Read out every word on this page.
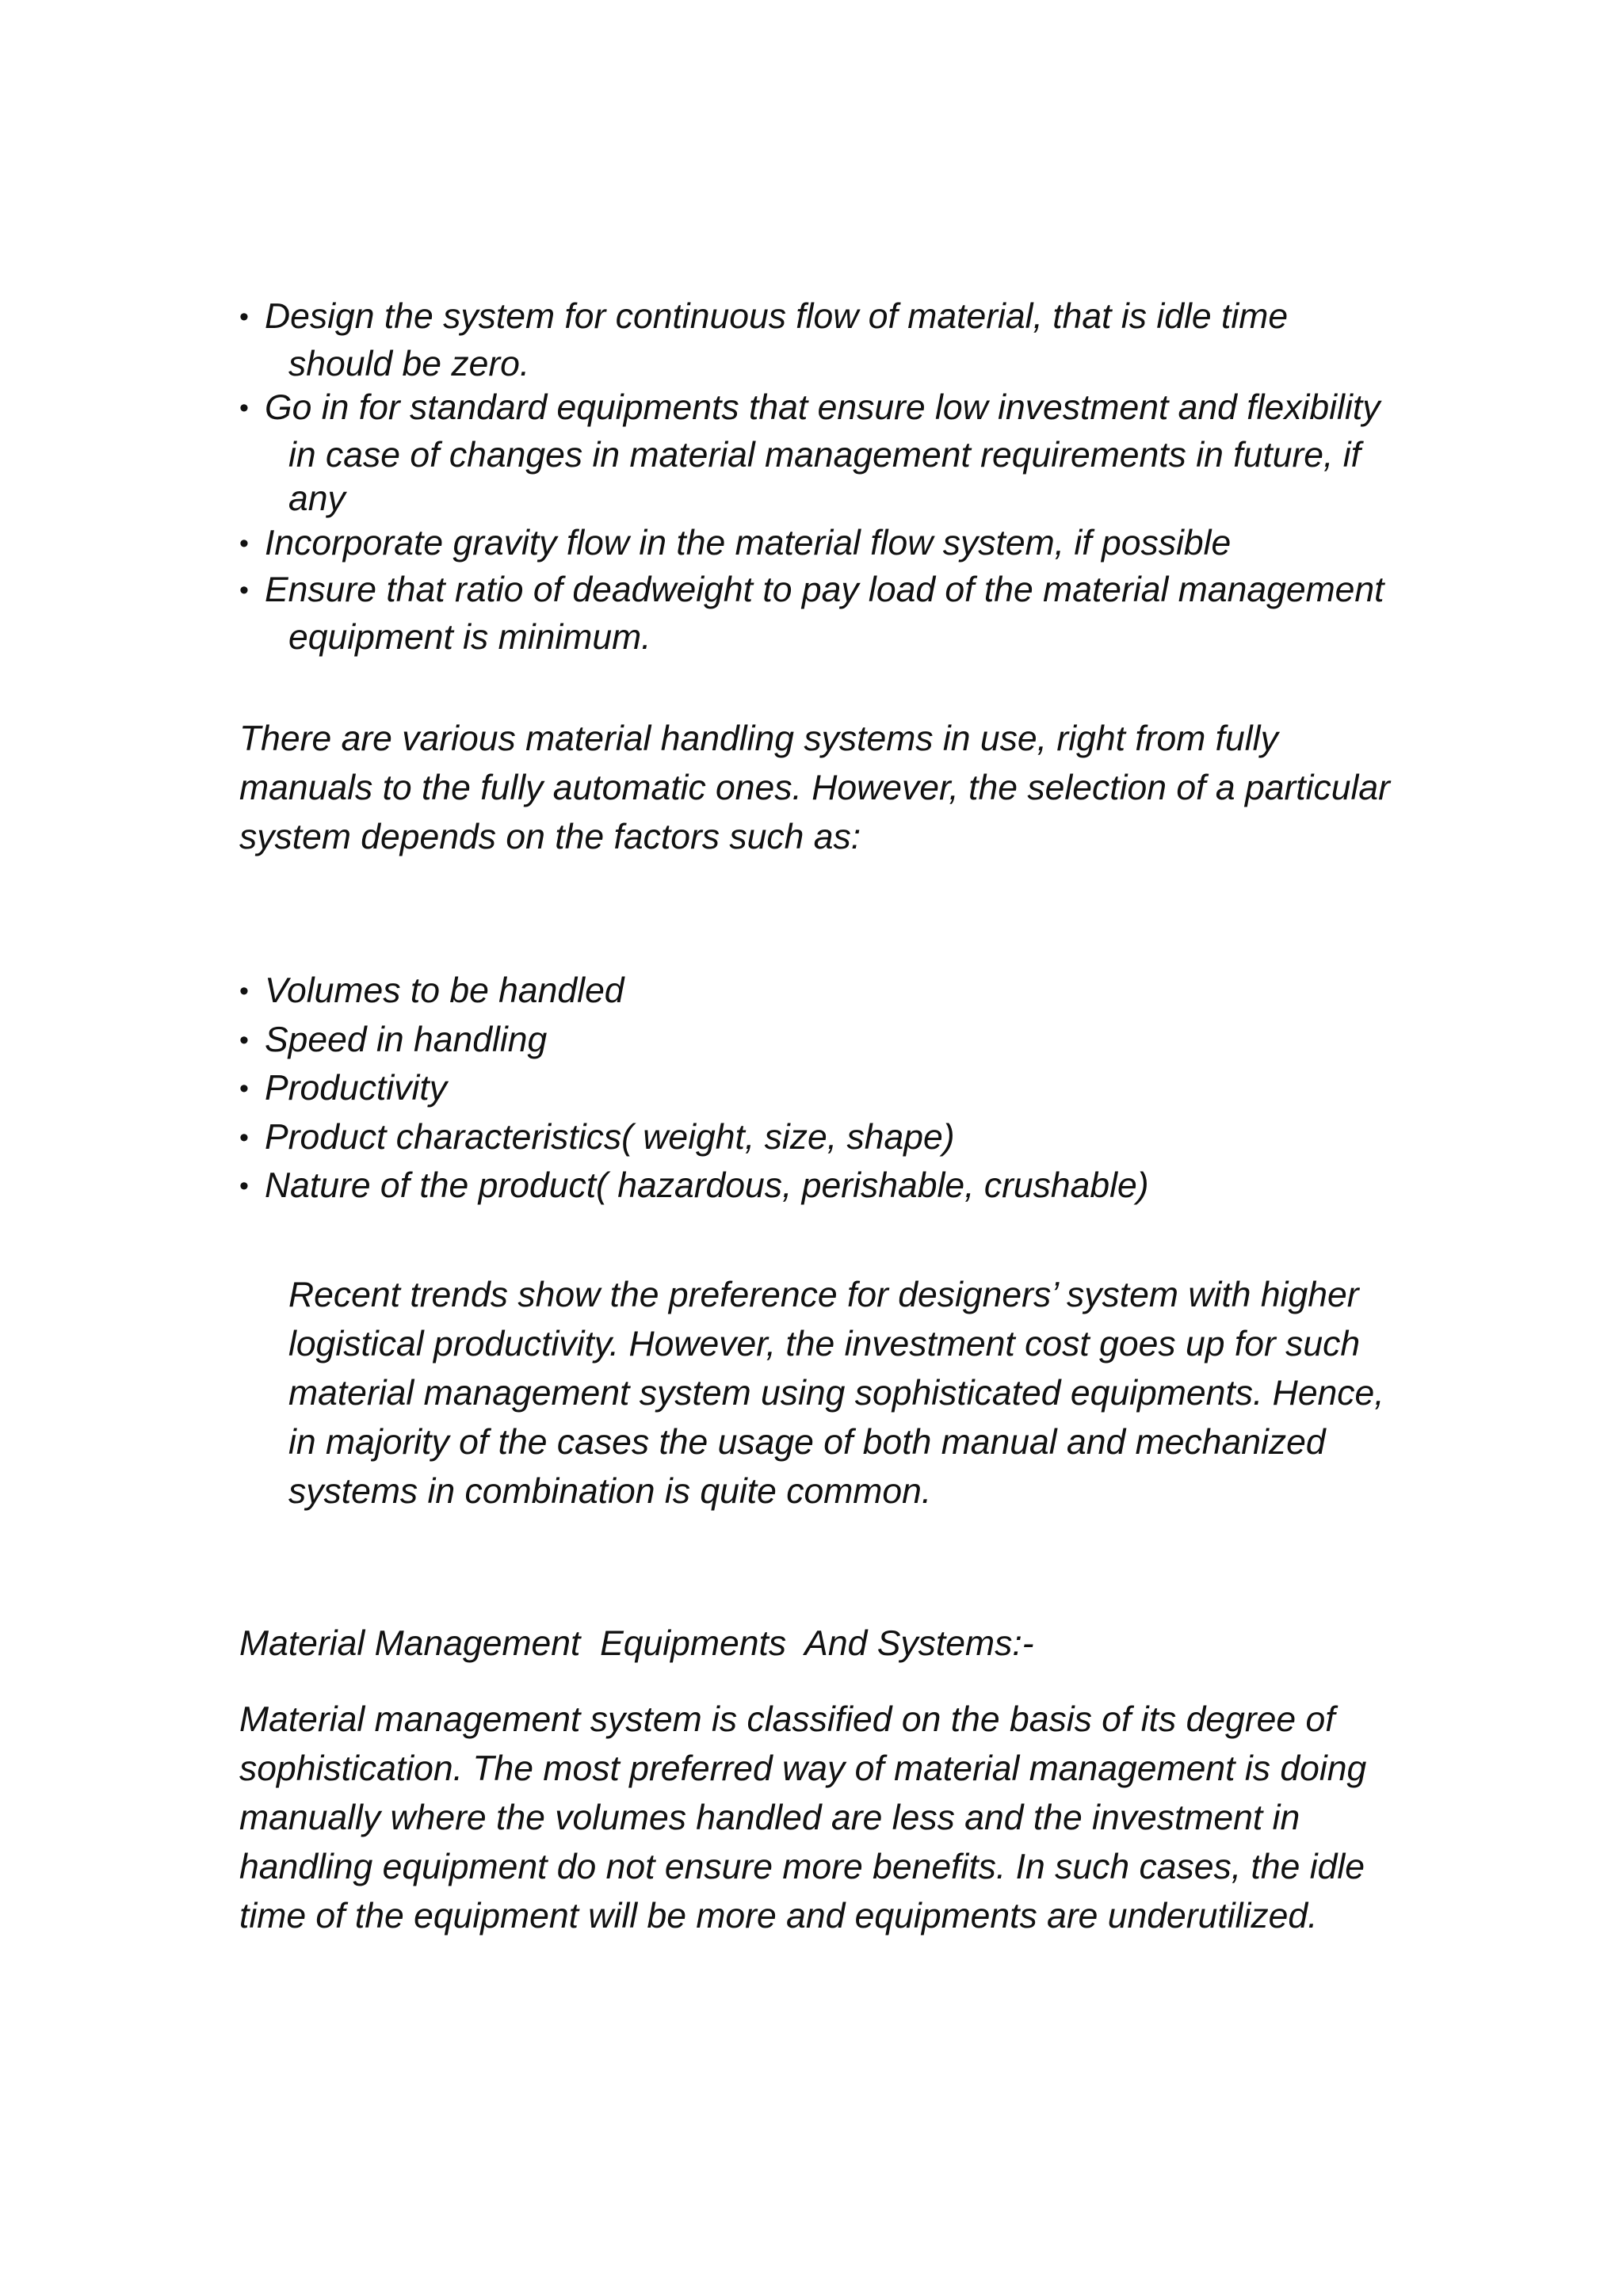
• Design the system for continuous flow of material, that is idle time
should be zero.
• Go in for standard equipments that ensure low investment and flexibility
in case of changes in material management requirements in future, if
any
• Incorporate gravity flow in the material flow system, if possible
• Ensure that ratio of deadweight to pay load of the material management
equipment is minimum.

There are various material handling systems in use, right from fully
manuals to the fully automatic ones. However, the selection of a particular
system depends on the factors such as:

• Volumes to be handled
• Speed in handling
• Productivity
• Product characteristics( weight, size, shape)
• Nature of the product( hazardous, perishable, crushable)

Recent trends show the preference for designers’ system with higher
logistical productivity. However, the investment cost goes up for such
material management system using sophisticated equipments. Hence,
in majority of the cases the usage of both manual and mechanized
systems in combination is quite common.

Material Management  Equipments  And Systems:-

Material management system is classified on the basis of its degree of
sophistication. The most preferred way of material management is doing
manually where the volumes handled are less and the investment in
handling equipment do not ensure more benefits. In such cases, the idle
time of the equipment will be more and equipments are underutilized.
